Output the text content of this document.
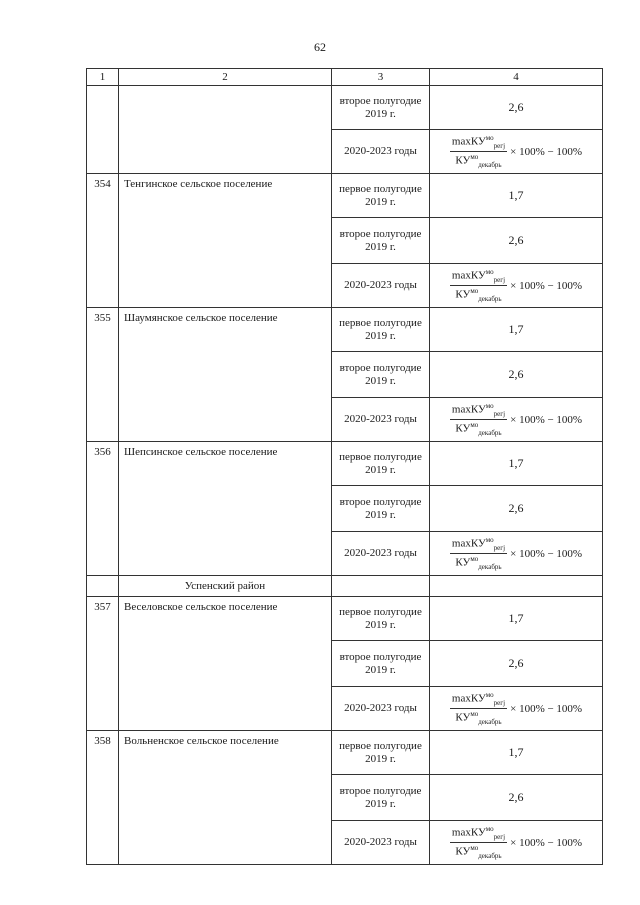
62
1	2	3	4
		второе полугодие 2019 г.	2,6
		2020-2023 годы	$\frac{\max КУ^{мо}_{регj}}{КУ^{мо}_{декабрь}} \times 100\% - 100\%$

354	Тенгинское сельское поселение	первое полугодие 2019 г.	1,7
		второе полугодие 2019 г.	2,6
		2020-2023 годы	$\frac{\max КУ^{мо}_{регj}}{КУ^{мо}_{декабрь}} \times 100\% - 100\%$

355	Шаумянское сельское поселение	первое полугодие 2019 г.	1,7
		второе полугодие 2019 г.	2,6
		2020-2023 годы	$\frac{\max КУ^{мо}_{регj}}{КУ^{мо}_{декабрь}} \times 100\% - 100\%$

356	Шепсинское сельское поселение	первое полугодие 2019 г.	1,7
		второе полугодие 2019 г.	2,6
		2020-2023 годы	$\frac{\max КУ^{мо}_{регj}}{КУ^{мо}_{декабрь}} \times 100\% - 100\%$

	Успенский район		
357	Веселовское сельское поселение	первое полугодие 2019 г.	1,7
		второе полугодие 2019 г.	2,6
		2020-2023 годы	$\frac{\max КУ^{мо}_{регj}}{КУ^{мо}_{декабрь}} \times 100\% - 100\%$

358	Вольненское сельское поселение	первое полугодие 2019 г.	1,7
		второе полугодие 2019 г.	2,6
		2020-2023 годы	$\frac{\max КУ^{мо}_{регj}}{КУ^{мо}_{декабрь}} \times 100\% - 100\%$
